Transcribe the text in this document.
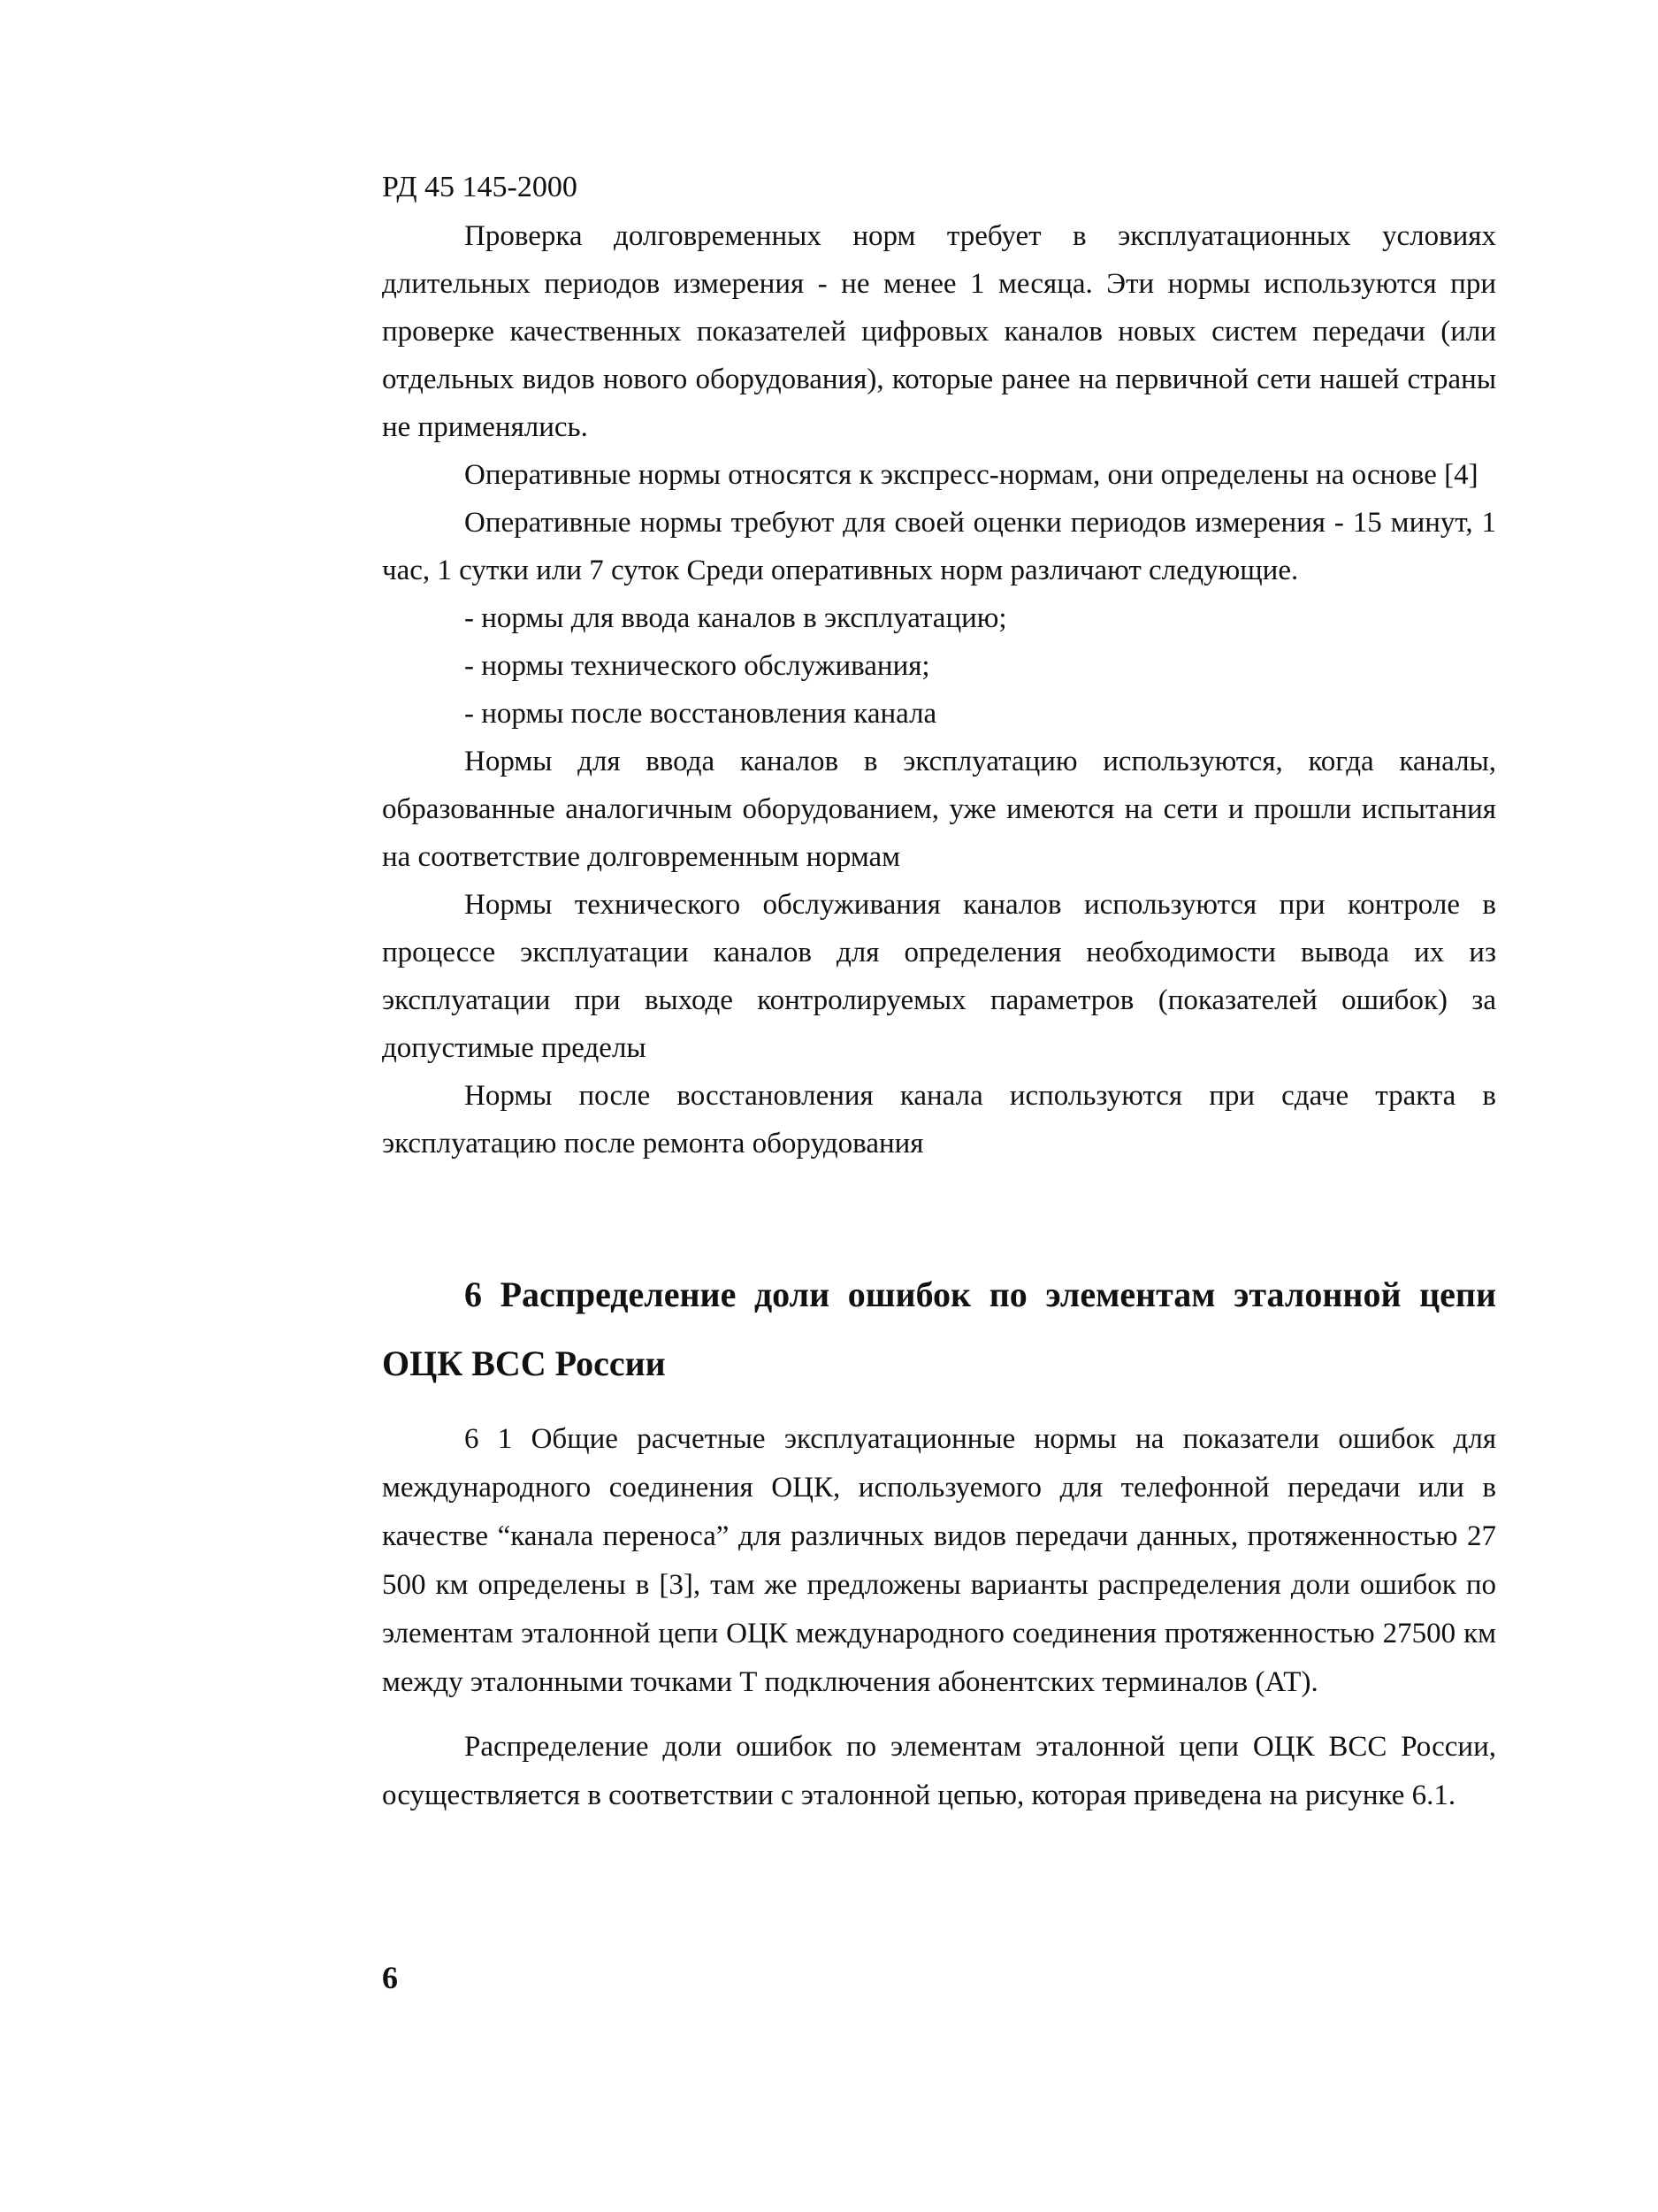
РД 45 145-2000

Проверка долговременных норм требует в эксплуатационных условиях длительных периодов измерения - не менее 1 месяца. Эти нормы используются при проверке качественных показателей цифровых каналов новых систем передачи (или отдельных видов нового оборудования), которые ранее на первичной сети нашей страны не применялись.

Оперативные нормы относятся к экспресс-нормам, они определены на основе [4]

Оперативные нормы требуют для своей оценки периодов измерения - 15 минут, 1 час, 1 сутки или 7 суток Среди оперативных норм различают следующие.

- нормы для ввода каналов в эксплуатацию;

- нормы технического обслуживания;

- нормы после восстановления канала

Нормы для ввода каналов в эксплуатацию используются, когда каналы, образованные аналогичным оборудованием, уже имеются на сети и прошли испытания на соответствие долговременным нормам

Нормы технического обслуживания каналов используются при контроле в процессе эксплуатации каналов для определения необходимости вывода их из эксплуатации при выходе контролируемых параметров (показателей ошибок) за допустимые пределы

Нормы после восстановления канала используются при сдаче тракта в эксплуатацию после ремонта оборудования

6 Распределение доли ошибок по элементам эталонной цепи ОЦК ВСС России

6 1 Общие расчетные эксплуатационные нормы на показатели ошибок для международного соединения ОЦК, используемого для телефонной передачи или в качестве “канала переноса” для различных видов передачи данных, протяженностью 27 500 км определены в [3], там же предложены варианты распределения доли ошибок по элементам эталонной цепи ОЦК международного соединения протяженностью 27500 км между эталонными точками Т подключения абонентских терминалов (АТ).

Распределение доли ошибок по элементам эталонной цепи ОЦК ВСС России, осуществляется в соответствии с эталонной цепью, которая приведена на рисунке 6.1.

6
